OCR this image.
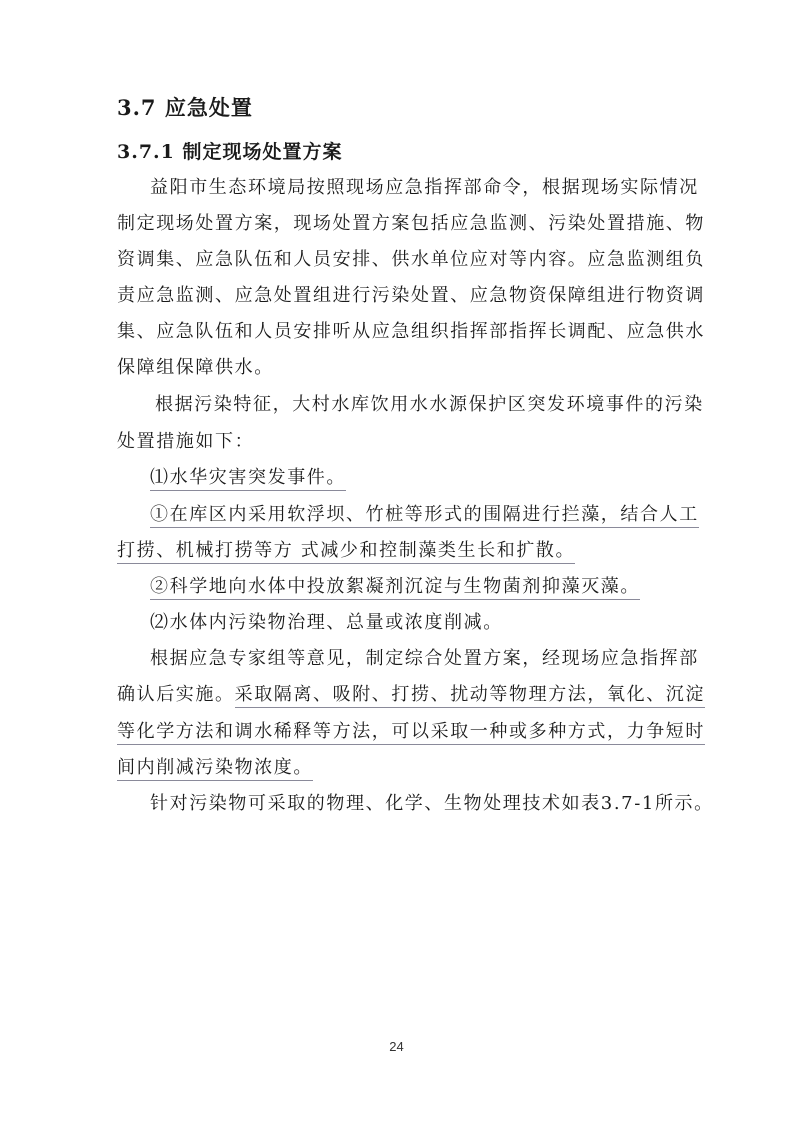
3.7 应急处置
3.7.1 制定现场处置方案
益阳市生态环境局按照现场应急指挥部命令，根据现场实际情况
制定现场处置方案，现场处置方案包括应急监测、污染处置措施、物
资调集、应急队伍和人员安排、供水单位应对等内容。应急监测组负
责应急监测、应急处置组进行污染处置、应急物资保障组进行物资调
集、应急队伍和人员安排听从应急组织指挥部指挥长调配、应急供水
保障组保障供水。
根据污染特征，大村水库饮用水水源保护区突发环境事件的污染
处置措施如下：
⑴水华灾害突发事件。
①在库区内采用软浮坝、竹桩等形式的围隔进行拦藻，结合人工
打捞、机械打捞等方 式减少和控制藻类生长和扩散。
②科学地向水体中投放絮凝剂沉淀与生物菌剂抑藻灭藻。
⑵水体内污染物治理、总量或浓度削减。
根据应急专家组等意见，制定综合处置方案，经现场应急指挥部
确认后实施。采取隔离、吸附、打捞、扰动等物理方法，氧化、沉淀
等化学方法和调水稀释等方法，可以采取一种或多种方式，力争短时
间内削减污染物浓度。
针对污染物可采取的物理、化学、生物处理技术如表3.7-1所示。
24
